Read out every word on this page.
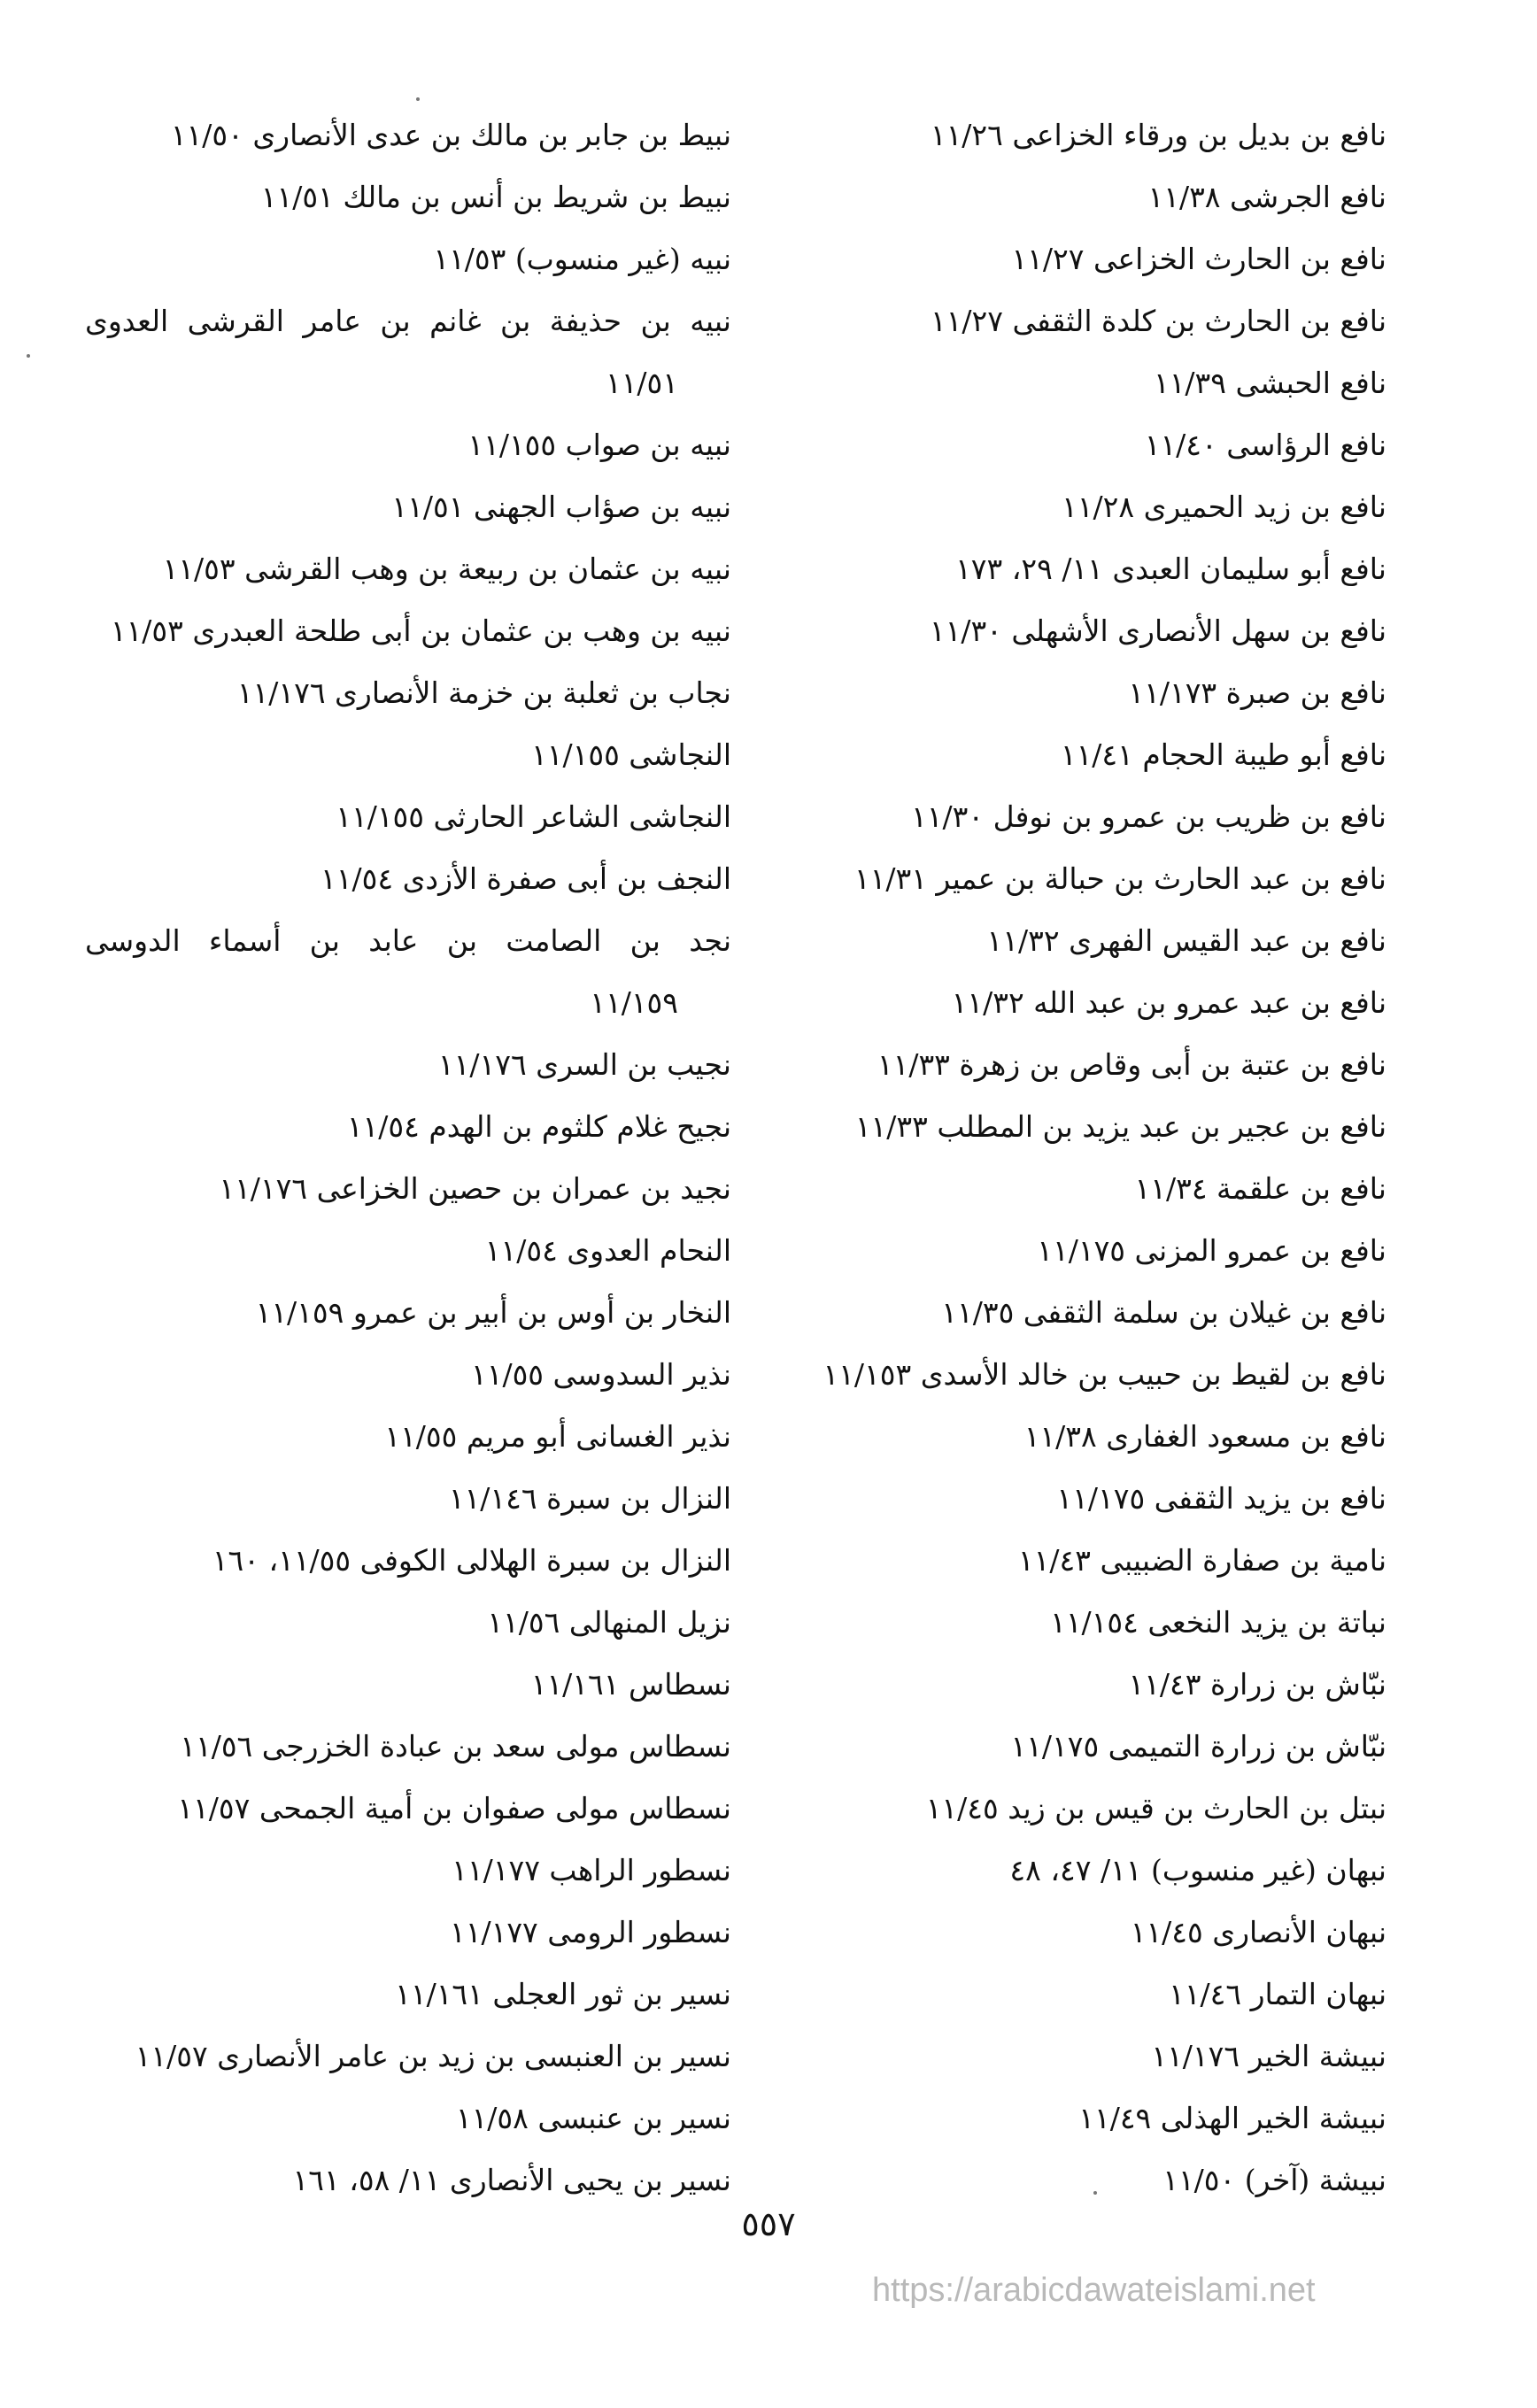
نافع بن بديل بن ورقاء الخزاعى ١١/٢٦
نافع الجرشى ١١/٣٨
نافع بن الحارث الخزاعى ١١/٢٧
نافع بن الحارث بن كلدة الثقفى ١١/٢٧
نافع الحبشى ١١/٣٩
نافع الرؤاسى ١١/٤٠
نافع بن زيد الحميرى ١١/٢٨
نافع أبو سليمان العبدى ١١/ ٢٩، ١٧٣
نافع بن سهل الأنصارى الأشهلى ١١/٣٠
نافع بن صبرة ١١/١٧٣
نافع أبو طيبة الحجام ١١/٤١
نافع بن ظريب بن عمرو بن نوفل ١١/٣٠
نافع بن عبد الحارث بن حبالة بن عمير ١١/٣١
نافع بن عبد القيس الفهرى ١١/٣٢
نافع بن عبد عمرو بن عبد الله ١١/٣٢
نافع بن عتبة بن أبى وقاص بن زهرة ١١/٣٣
نافع بن عجير بن عبد يزيد بن المطلب ١١/٣٣
نافع بن علقمة ١١/٣٤
نافع بن عمرو المزنى ١١/١٧٥
نافع بن غيلان بن سلمة الثقفى ١١/٣٥
نافع بن لقيط بن حبيب بن خالد الأسدى ١١/١٥٣
نافع بن مسعود الغفارى ١١/٣٨
نافع بن يزيد الثقفى ١١/١٧٥
نامية بن صفارة الضبيبى ١١/٤٣
نباتة بن يزيد النخعى ١١/١٥٤
نبّاش بن زرارة ١١/٤٣
نبّاش بن زرارة التميمى ١١/١٧٥
نبتل بن الحارث بن قيس بن زيد ١١/٤٥
نبهان (غير منسوب) ١١/ ٤٧، ٤٨
نبهان الأنصارى ١١/٤٥
نبهان التمار ١١/٤٦
نبيشة الخير ١١/١٧٦
نبيشة الخير الهذلى ١١/٤٩
نبيشة (آخر) ١١/٥٠
نبيط بن جابر بن مالك بن عدى الأنصارى ١١/٥٠
نبيط بن شريط بن أنس بن مالك ١١/٥١
نبيه (غير منسوب) ١١/٥٣
نبيه بن حذيفة بن غانم بن عامر القرشى العدوى
١١/٥١
نبيه بن صواب ١١/١٥٥
نبيه بن صؤاب الجهنى ١١/٥١
نبيه بن عثمان بن ربيعة بن وهب القرشى ١١/٥٣
نبيه بن وهب بن عثمان بن أبى طلحة العبدرى ١١/٥٣
نجاب بن ثعلبة بن خزمة الأنصارى ١١/١٧٦
النجاشى ١١/١٥٥
النجاشى الشاعر الحارثى ١١/١٥٥
النجف بن أبى صفرة الأزدى ١١/٥٤
نجد بن الصامت بن عابد بن أسماء الدوسى
١١/١٥٩
نجيب بن السرى ١١/١٧٦
نجيح غلام كلثوم بن الهدم ١١/٥٤
نجيد بن عمران بن حصين الخزاعى ١١/١٧٦
النحام العدوى ١١/٥٤
النخار بن أوس بن أبير بن عمرو ١١/١٥٩
نذير السدوسى ١١/٥٥
نذير الغسانى أبو مريم ١١/٥٥
النزال بن سبرة ١١/١٤٦
النزال بن سبرة الهلالى الكوفى ١١/٥٥، ١٦٠
نزيل المنهالى ١١/٥٦
نسطاس ١١/١٦١
نسطاس مولى سعد بن عبادة الخزرجى ١١/٥٦
نسطاس مولى صفوان بن أمية الجمحى ١١/٥٧
نسطور الراهب ١١/١٧٧
نسطور الرومى ١١/١٧٧
نسير بن ثور العجلى ١١/١٦١
نسير بن العنبسى بن زيد بن عامر الأنصارى ١١/٥٧
نسير بن عنبسى ١١/٥٨
نسير بن يحيى الأنصارى ١١/ ٥٨، ١٦١
٥٥٧
https://arabicdawateislami.net
